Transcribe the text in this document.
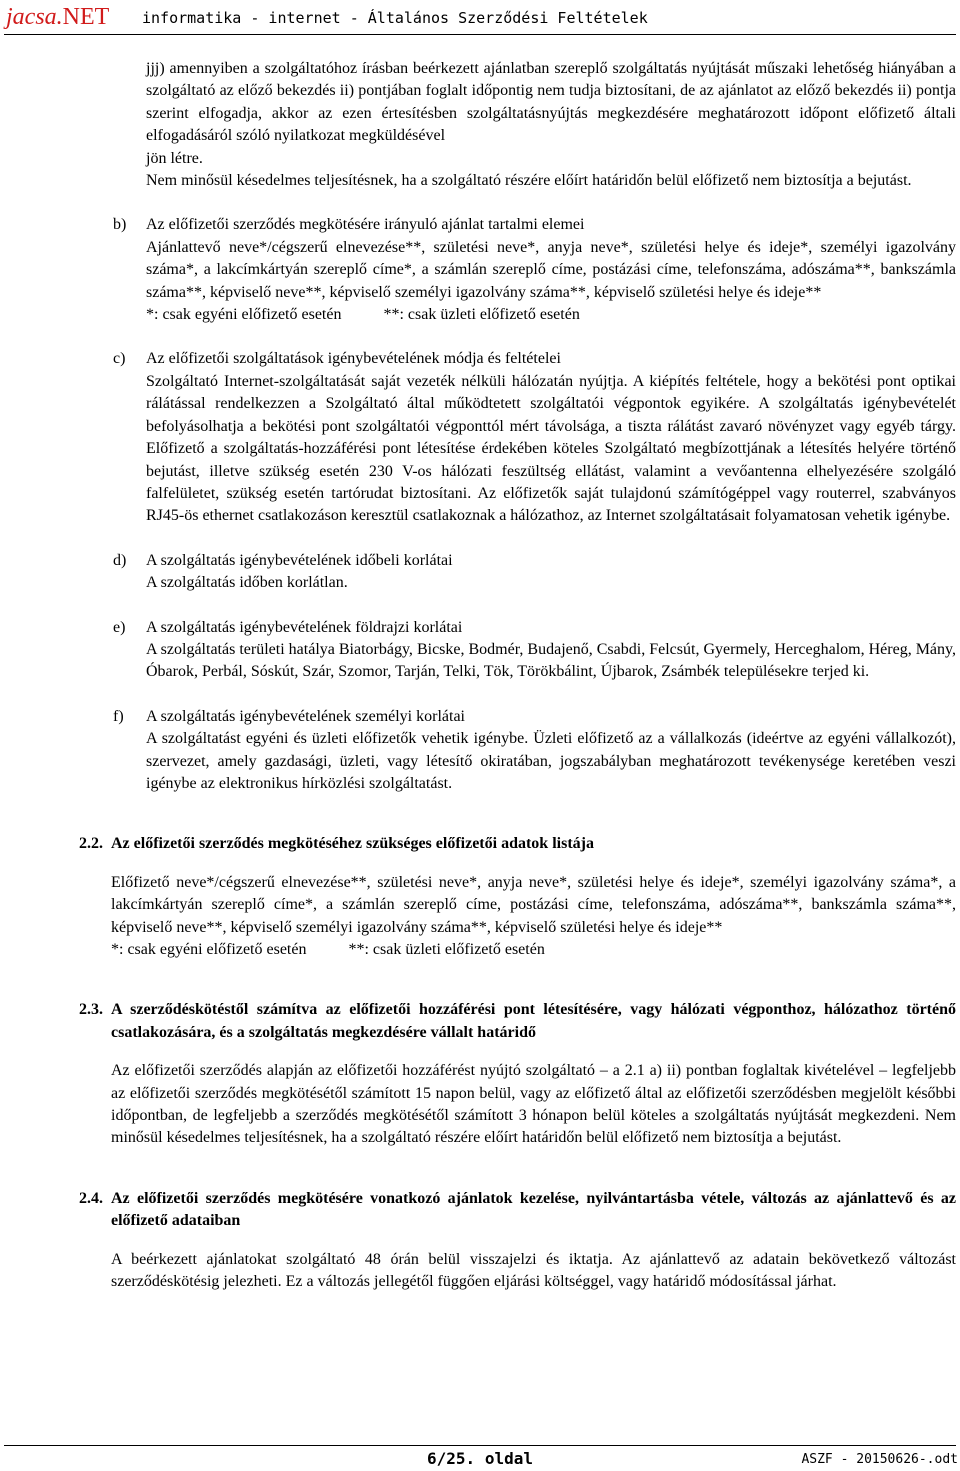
jacsa.NET informatika - internet - Általános Szerződési Feltételek

jjj) amennyiben a szolgáltatóhoz írásban beérkezett ajánlatban szereplő szolgáltatás nyújtását műszaki lehetőség hiányában a szolgáltató az előző bekezdés ii) pontjában foglalt időpontig nem tudja biztosítani, de az ajánlatot az előző bekezdés ii) pontja szerint elfogadja, akkor az ezen értesítésben szolgáltatásnyújtás megkezdésére meghatározott időpont előfizető általi elfogadásáról szóló nyilatkozat megküldésével

jön létre.

Nem minősül késedelmes teljesítésnek, ha a szolgáltató részére előírt határidőn belül előfizető nem biztosítja a bejutást.

b) Az előfizetői szerződés megkötésére irányuló ajánlat tartalmi elemei

Ajánlattevő neve*/cégszerű elnevezése**, születési neve*, anyja neve*, születési helye és ideje*, személyi igazolvány száma*, a lakcímkártyán szereplő címe*, a számlán szereplő címe, postázási címe, telefonszáma, adószáma**, bankszámla száma**, képviselő neve**, képviselő személyi igazolvány száma**, képviselő születési helye és ideje**

*: csak egyéni előfizető esetén	**: csak üzleti előfizető esetén

c) Az előfizetői szolgáltatások igénybevételének módja és feltételei

Szolgáltató Internet-szolgáltatását saját vezeték nélküli hálózatán nyújtja. A kiépítés feltétele, hogy a bekötési pont optikai rálátással rendelkezzen a Szolgáltató által működtetett szolgáltatói végpontok egyikére. A szolgáltatás igénybevételét befolyásolhatja a bekötési pont szolgáltatói végponttól mért távolsága, a tiszta rálátást zavaró növényzet vagy egyéb tárgy. Előfizető a szolgáltatás-hozzáférési pont létesítése érdekében köteles Szolgáltató megbízottjának a létesítés helyére történő bejutást, illetve szükség esetén 230 V-os hálózati feszültség ellátást, valamint a vevőantenna elhelyezésére szolgáló falfelületet, szükség esetén tartórudat biztosítani. Az előfizetők saját tulajdonú számítógéppel vagy routerrel, szabványos RJ45-ös ethernet csatlakozáson keresztül csatlakoznak a hálózathoz, az Internet szolgáltatásait folyamatosan vehetik igénybe.

d) A szolgáltatás igénybevételének időbeli korlátai

A szolgáltatás időben korlátlan.

e) A szolgáltatás igénybevételének földrajzi korlátai

A szolgáltatás területi hatálya Biatorbágy, Bicske, Bodmér, Budajenő, Csabdi, Felcsút, Gyermely, Herceghalom, Héreg, Mány, Óbarok, Perbál, Sóskút, Szár, Szomor, Tarján, Telki, Tök, Törökbálint, Újbarok, Zsámbék településekre terjed ki.

f) A szolgáltatás igénybevételének személyi korlátai

A szolgáltatást egyéni és üzleti előfizetők vehetik igénybe. Üzleti előfizető az a vállalkozás (ideértve az egyéni vállalkozót), szervezet, amely gazdasági, üzleti, vagy létesítő okiratában, jogszabályban meghatározott tevékenysége keretében veszi igénybe az elektronikus hírközlési szolgáltatást.

2.2. Az előfizetői szerződés megkötéséhez szükséges előfizetői adatok listája

Előfizető neve*/cégszerű elnevezése**, születési neve*, anyja neve*, születési helye és ideje*, személyi igazolvány száma*, a lakcímkártyán szereplő címe*, a számlán szereplő címe, postázási címe, telefonszáma, adószáma**, bankszámla száma**, képviselő neve**, képviselő személyi igazolvány száma**, képviselő születési helye és ideje**

*: csak egyéni előfizető esetén	**: csak üzleti előfizető esetén

2.3. A szerződéskötéstől számítva az előfizetői hozzáférési pont létesítésére, vagy hálózati végponthoz, hálózathoz történő csatlakozására, és a szolgáltatás megkezdésére vállalt határidő

Az előfizetői szerződés alapján az előfizetői hozzáférést nyújtó szolgáltató – a 2.1 a) ii) pontban foglaltak kivételével – legfeljebb az előfizetői szerződés megkötésétől számított 15 napon belül, vagy az előfizető által az előfizetői szerződésben megjelölt későbbi időpontban, de legfeljebb a szerződés megkötésétől számított 3 hónapon belül köteles a szolgáltatás nyújtását megkezdeni. Nem minősül késedelmes teljesítésnek, ha a szolgáltató részére előírt határidőn belül előfizető nem biztosítja a bejutást.

2.4. Az előfizetői szerződés megkötésére vonatkozó ajánlatok kezelése, nyilvántartásba vétele, változás az ajánlattevő és az előfizető adataiban

A beérkezett ajánlatokat szolgáltató 48 órán belül visszajelzi és iktatja. Az ajánlattevő az adatain bekövetkező változást szerződéskötésig jelezheti. Ez a változás jellegétől függően eljárási költséggel, vagy határidő módosítással járhat.

6/25. oldal	ASZF - 20150626-.odt
